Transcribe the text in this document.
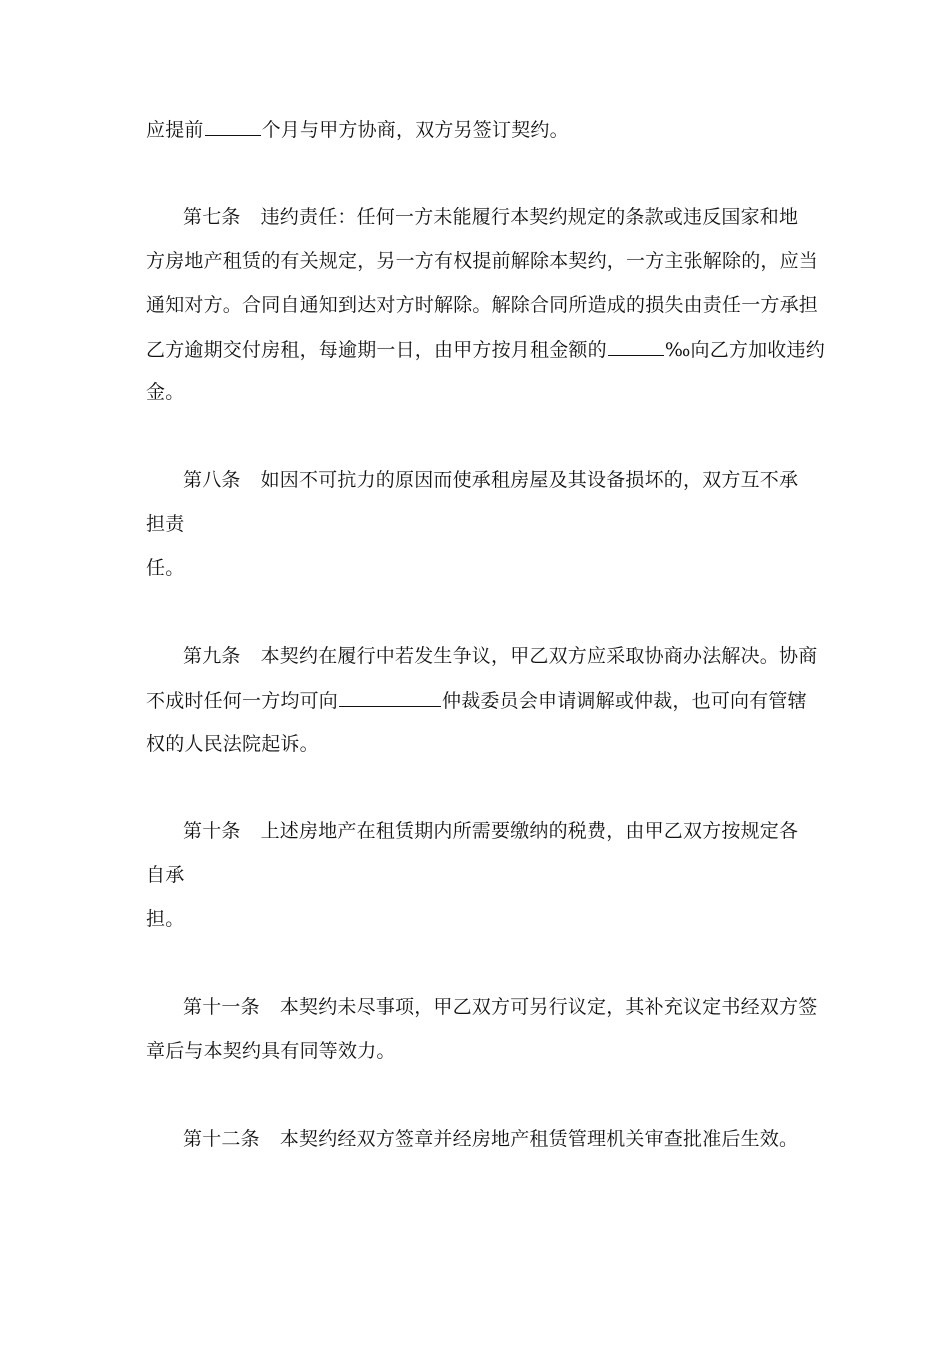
应提前	个月与甲方协商，双方另签订契约。
第七条 违约责任：任何一方未能履行本契约规定的条款或违反国家和地
方房地产租赁的有关规定，另一方有权提前解除本契约，一方主张解除的，应当
通知对方。合同自通知到达对方时解除。解除合同所造成的损失由责任一方承担
乙方逾期交付房租，每逾期一日，由甲方按月租金额的	‰向乙方加收违约
金。
第八条 如因不可抗力的原因而使承租房屋及其设备损坏的，双方互不承
担责
任。
第九条 本契约在履行中若发生争议，甲乙双方应采取协商办法解决。协商
不成时任何一方均可向	仲裁委员会申请调解或仲裁，也可向有管辖
权的人民法院起诉。
第十条 上述房地产在租赁期内所需要缴纳的税费，由甲乙双方按规定各
自承
担。
第十一条 本契约未尽事项，甲乙双方可另行议定，其补充议定书经双方签
章后与本契约具有同等效力。
第十二条 本契约经双方签章并经房地产租赁管理机关审查批准后生效。
